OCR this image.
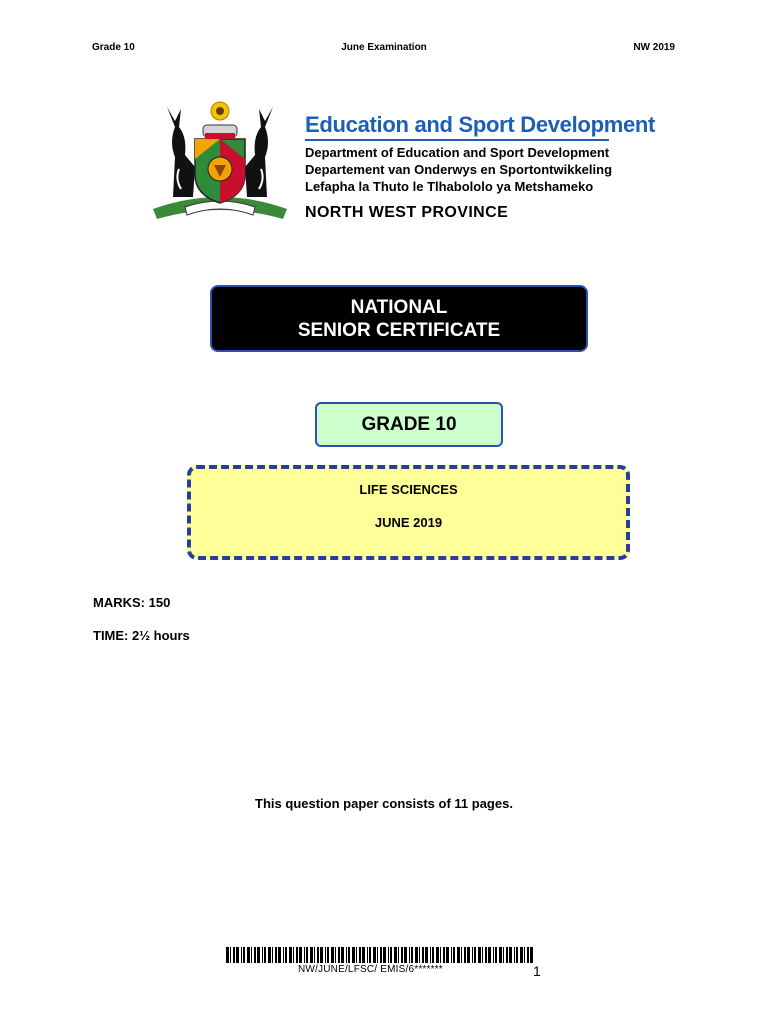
Grade 10	June Examination	NW 2019
Education and Sport Development
Department of Education and Sport Development
Departement van Onderwys en Sportontwikkeling
Lefapha la Thuto le Tlhabololo ya Metshameko
NORTH WEST PROVINCE
NATIONAL
SENIOR CERTIFICATE
GRADE 10
LIFE SCIENCES
JUNE 2019
MARKS: 150
TIME: 2½ hours
This question paper consists of 11 pages.
NW/JUNE/LFSC/ EMIS/6*******	1
